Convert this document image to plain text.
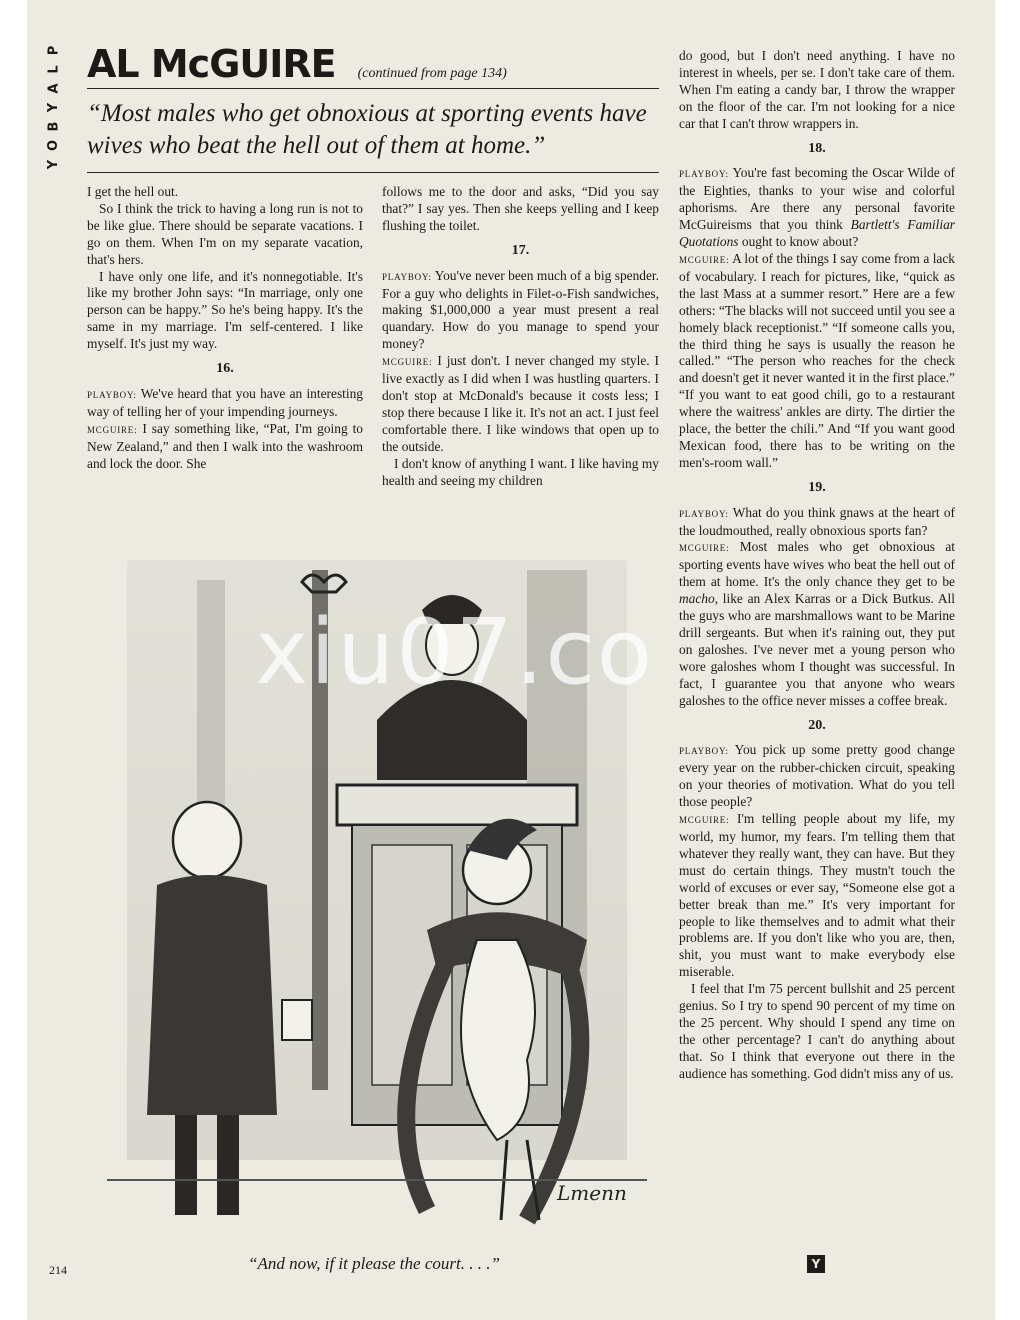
P
L
A
Y
B
O
Y
AL McGUIRE (continued from page 134)
“Most males who get obnoxious at sporting events have wives who beat the hell out of them at home.”

I get the hell out.

So I think the trick to having a long run is not to be like glue. There should be separate vacations. I go on them. When I'm on my separate vacation, that's hers.

I have only one life, and it's nonnegotiable. It's like my brother John says: “In marriage, only one person can be happy.” So he's being happy. It's the same in my marriage. I'm self-centered. I like myself. It's just my way.

16.

PLAYBOY: We've heard that you have an interesting way of telling her of your impending journeys.

MCGUIRE: I say something like, “Pat, I'm going to New Zealand,” and then I walk into the washroom and lock the door. She

follows me to the door and asks, “Did you say that?” I say yes. Then she keeps yelling and I keep flushing the toilet.

17.

PLAYBOY: You've never been much of a big spender. For a guy who delights in Filet-o-Fish sandwiches, making $1,000,000 a year must present a real quandary. How do you manage to spend your money?

MCGUIRE: I just don't. I never changed my style. I live exactly as I did when I was hustling quarters. I don't stop at McDonald's because it costs less; I stop there because I like it. It's not an act. I just feel comfortable there. I like windows that open up to the outside.

I don't know of anything I want. I like having my health and seeing my children

do good, but I don't need anything. I have no interest in wheels, per se. I don't take care of them. When I'm eating a candy bar, I throw the wrapper on the floor of the car. I'm not looking for a nice car that I can't throw wrappers in.

18.

PLAYBOY: You're fast becoming the Oscar Wilde of the Eighties, thanks to your wise and colorful aphorisms. Are there any personal favorite McGuireisms that you think Bartlett's Familiar Quotations ought to know about?

MCGUIRE: A lot of the things I say come from a lack of vocabulary. I reach for pictures, like, “quick as the last Mass at a summer resort.” Here are a few others: “The blacks will not succeed until you see a homely black receptionist.” “If someone calls you, the third thing he says is usually the reason he called.” “The person who reaches for the check and doesn't get it never wanted it in the first place.” “If you want to eat good chili, go to a restaurant where the waitress' ankles are dirty. The dirtier the place, the better the chili.” And “If you want good Mexican food, there has to be writing on the men's-room wall.”

19.

PLAYBOY: What do you think gnaws at the heart of the loudmouthed, really obnoxious sports fan?

MCGUIRE: Most males who get obnoxious at sporting events have wives who beat the hell out of them at home. It's the only chance they get to be macho, like an Alex Karras or a Dick Butkus. All the guys who are marshmallows want to be Marine drill sergeants. But when it's raining out, they put on galoshes. I've never met a young person who wore galoshes whom I thought was successful. In fact, I guarantee you that anyone who wears galoshes to the office never misses a coffee break.

20.

PLAYBOY: You pick up some pretty good change every year on the rubber-chicken circuit, speaking on your theories of motivation. What do you tell those people?

MCGUIRE: I'm telling people about my life, my world, my humor, my fears. I'm telling them that whatever they really want, they can have. But they must do certain things. They mustn't touch the world of excuses or ever say, “Someone else got a better break than me.” It's very important for people to like themselves and to admit what their problems are. If you don't like who you are, then, shit, you must want to make everybody else miserable.

I feel that I'm 75 percent bullshit and 25 percent genius. So I try to spend 90 percent of my time on the 25 percent. Why should I spend any time on the other percentage? I can't do anything about that. So I think that everyone out there in the audience has something. God didn't miss any of us.

Lmenn
“And now, if it please the court. . . .”
214	Y
xiu07.co
